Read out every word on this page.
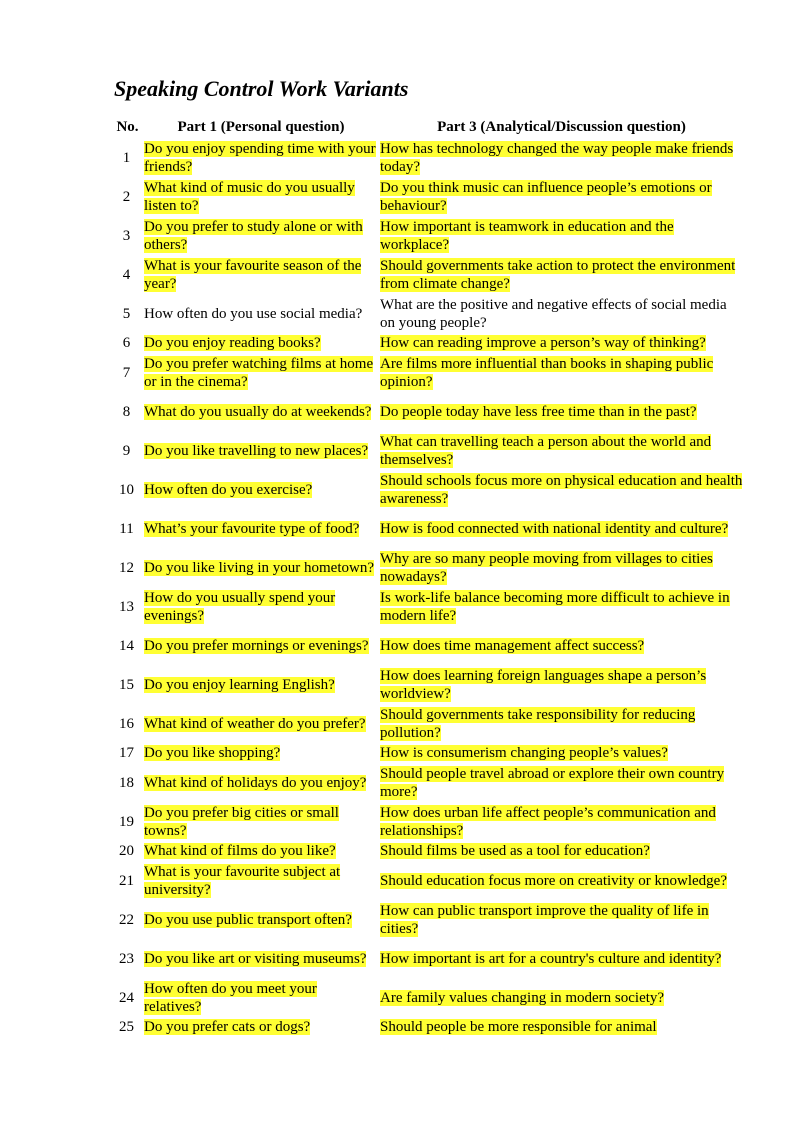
Speaking Control Work Variants
No.	Part 1 (Personal question)	Part 3 (Analytical/Discussion question)
1	Do you enjoy spending time with your friends?	How has technology changed the way people make friends today?
2	What kind of music do you usually listen to?	Do you think music can influence people’s emotions or behaviour?
3	Do you prefer to study alone or with others?	How important is teamwork in education and the workplace?
4	What is your favourite season of the year?	Should governments take action to protect the environment from climate change?
5	How often do you use social media?	What are the positive and negative effects of social media on young people?
6	Do you enjoy reading books?	How can reading improve a person’s way of thinking?
7	Do you prefer watching films at home or in the cinema?	Are films more influential than books in shaping public opinion?
8	What do you usually do at weekends?	Do people today have less free time than in the past?
9	Do you like travelling to new places?	What can travelling teach a person about the world and themselves?
10	How often do you exercise?	Should schools focus more on physical education and health awareness?
11	What’s your favourite type of food?	How is food connected with national identity and culture?
12	Do you like living in your hometown?	Why are so many people moving from villages to cities nowadays?
13	How do you usually spend your evenings?	Is work-life balance becoming more difficult to achieve in modern life?
14	Do you prefer mornings or evenings?	How does time management affect success?
15	Do you enjoy learning English?	How does learning foreign languages shape a person’s worldview?
16	What kind of weather do you prefer?	Should governments take responsibility for reducing pollution?
17	Do you like shopping?	How is consumerism changing people’s values?
18	What kind of holidays do you enjoy?	Should people travel abroad or explore their own country more?
19	Do you prefer big cities or small towns?	How does urban life affect people’s communication and relationships?
20	What kind of films do you like?	Should films be used as a tool for education?
21	What is your favourite subject at university?	Should education focus more on creativity or knowledge?
22	Do you use public transport often?	How can public transport improve the quality of life in cities?
23	Do you like art or visiting museums?	How important is art for a country's culture and identity?
24	How often do you meet your relatives?	Are family values changing in modern society?
25	Do you prefer cats or dogs?	Should people be more responsible for animal
